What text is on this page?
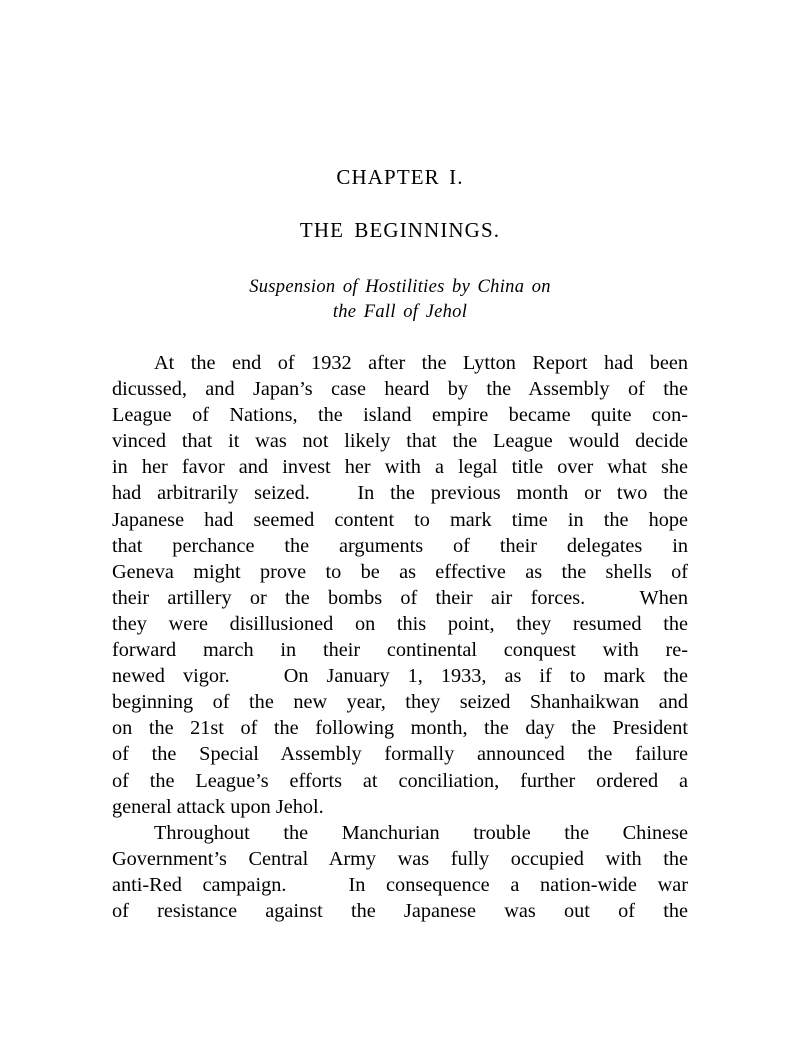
CHAPTER I.
THE BEGINNINGS.

Suspension of Hostilities by China on
the Fall of Jehol

At the end of 1932 after the Lytton Report had been
dicussed, and Japan’s case heard by the Assembly of the
League of Nations, the island empire became quite con-
vinced that it was not likely that the League would decide
in her favor and invest her with a legal title over what she
had arbitrarily seized.   In the previous month or two the
Japanese had seemed content to mark time in the hope
that perchance the arguments of their delegates in
Geneva might prove to be as effective as the shells of
their artillery or the bombs of their air forces.   When
they were disillusioned on this point, they resumed the
forward march in their continental conquest with re-
newed vigor.   On January 1, 1933, as if to mark the
beginning of the new year, they seized Shanhaikwan and
on the 21st of the following month, the day the President
of the Special Assembly formally announced the failure
of the League’s efforts at conciliation, further ordered a
general attack upon Jehol.

Throughout the Manchurian trouble the Chinese
Government’s Central Army was fully occupied with the
anti-Red campaign.   In consequence a nation-wide war
of resistance against the Japanese was out of the
